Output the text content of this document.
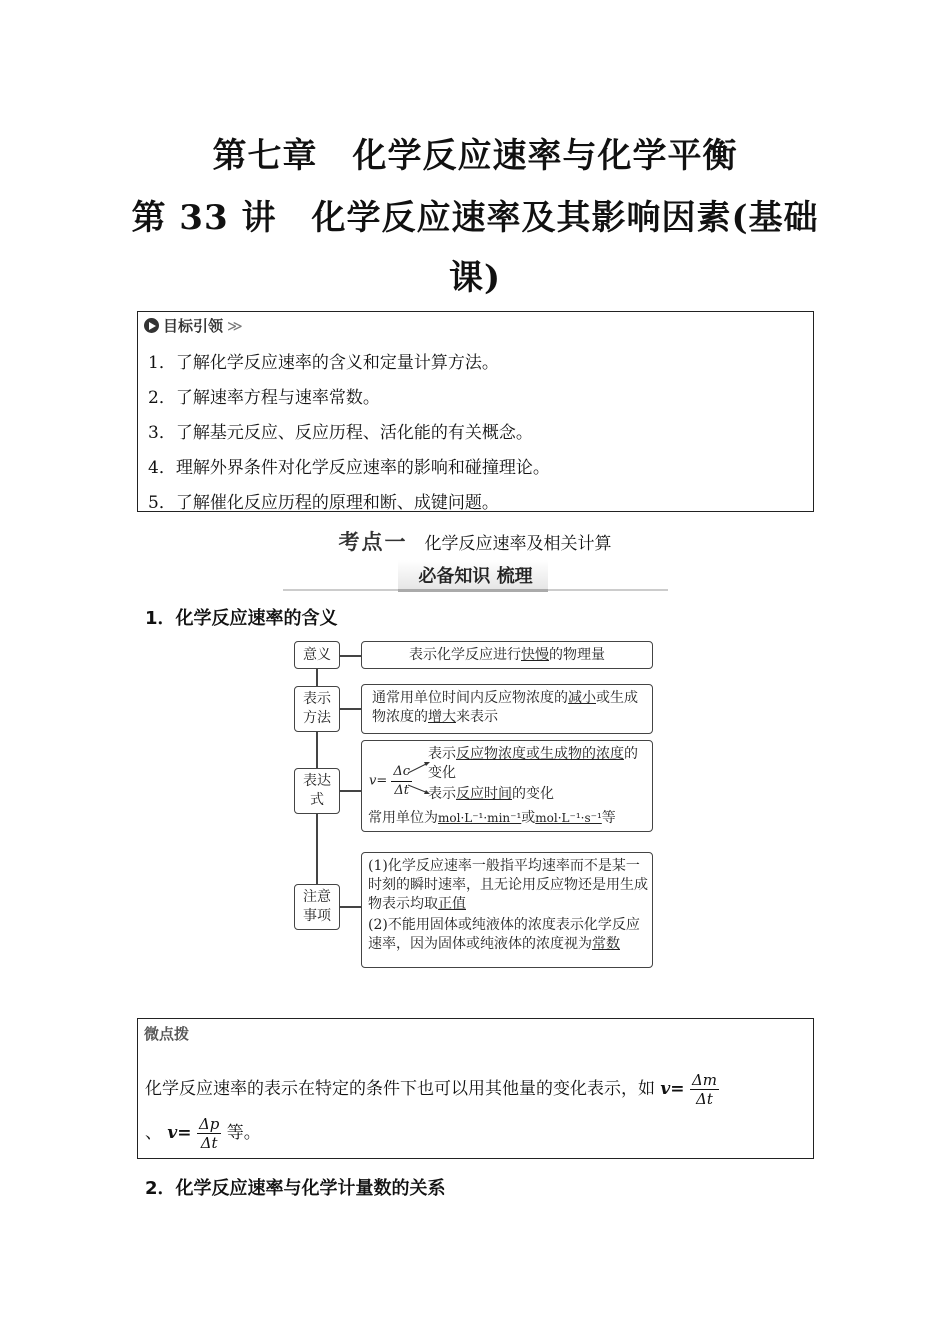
第七章　化学反应速率与化学平衡
第 33 讲　化学反应速率及其影响因素(基础
课)
目标引领 ≫
1．了解化学反应速率的含义和定量计算方法。
2．了解速率方程与速率常数。
3．了解基元反应、反应历程、活化能的有关概念。
4．理解外界条件对化学反应速率的影响和碰撞理论。
5．了解催化反应历程的原理和断、成键问题。
考点一 化学反应速率及相关计算
必备知识 梳理
1．化学反应速率的含义
意义
表示
方法
表达
式
注意
事项
表示化学反应进行快慢的物理量
通常用单位时间内反应物浓度的减小或生成物浓度的增大来表示
$v= \frac{\Delta c}{\Delta t}$
表示反应物浓度或生成物的浓度的变化
表示反应时间的变化
常用单位为mol·L⁻¹·min⁻¹或mol·L⁻¹·s⁻¹等
(1)化学反应速率一般指平均速率而不是某一时刻的瞬时速率，且无论用反应物还是用生成物表示均取正值
(2)不能用固体或纯液体的浓度表示化学反应速率，因为固体或纯液体的浓度视为常数
微点拨
化学反应速率的表示在特定的条件下也可以用其他量的变化表示，如 $v= \frac{\Delta m}{\Delta t}$
、 $v= \frac{\Delta p}{\Delta t}$ 等。
2．化学反应速率与化学计量数的关系
